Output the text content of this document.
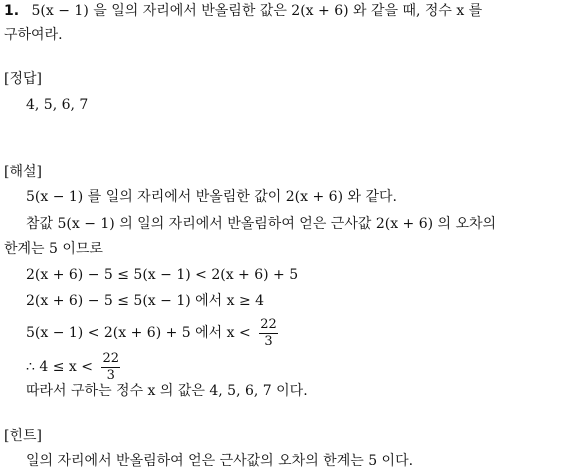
1. 5(x − 1) 을 일의 자리에서 반올림한 값은 2(x + 6) 와 같을 때, 정수 x 를
구하여라.
[정답]
4, 5, 6, 7
[해설]
5(x − 1) 를 일의 자리에서 반올림한 값이 2(x + 6) 와 같다.
참값 5(x − 1) 의 일의 자리에서 반올림하여 얻은 근사값 2(x + 6) 의 오차의
한계는 5 이므로
2(x + 6) − 5 ≤ 5(x − 1) < 2(x + 6) + 5
2(x + 6) − 5 ≤ 5(x − 1) 에서 x ≥ 4
5(x − 1) < 2(x + 6) + 5 에서 $x < \frac{22}{3}$
∴ $4 \le x < \frac{22}{3}$
따라서 구하는 정수 x 의 값은 4, 5, 6, 7 이다.
[힌트]
일의 자리에서 반올림하여 얻은 근사값의 오차의 한계는 5 이다.
